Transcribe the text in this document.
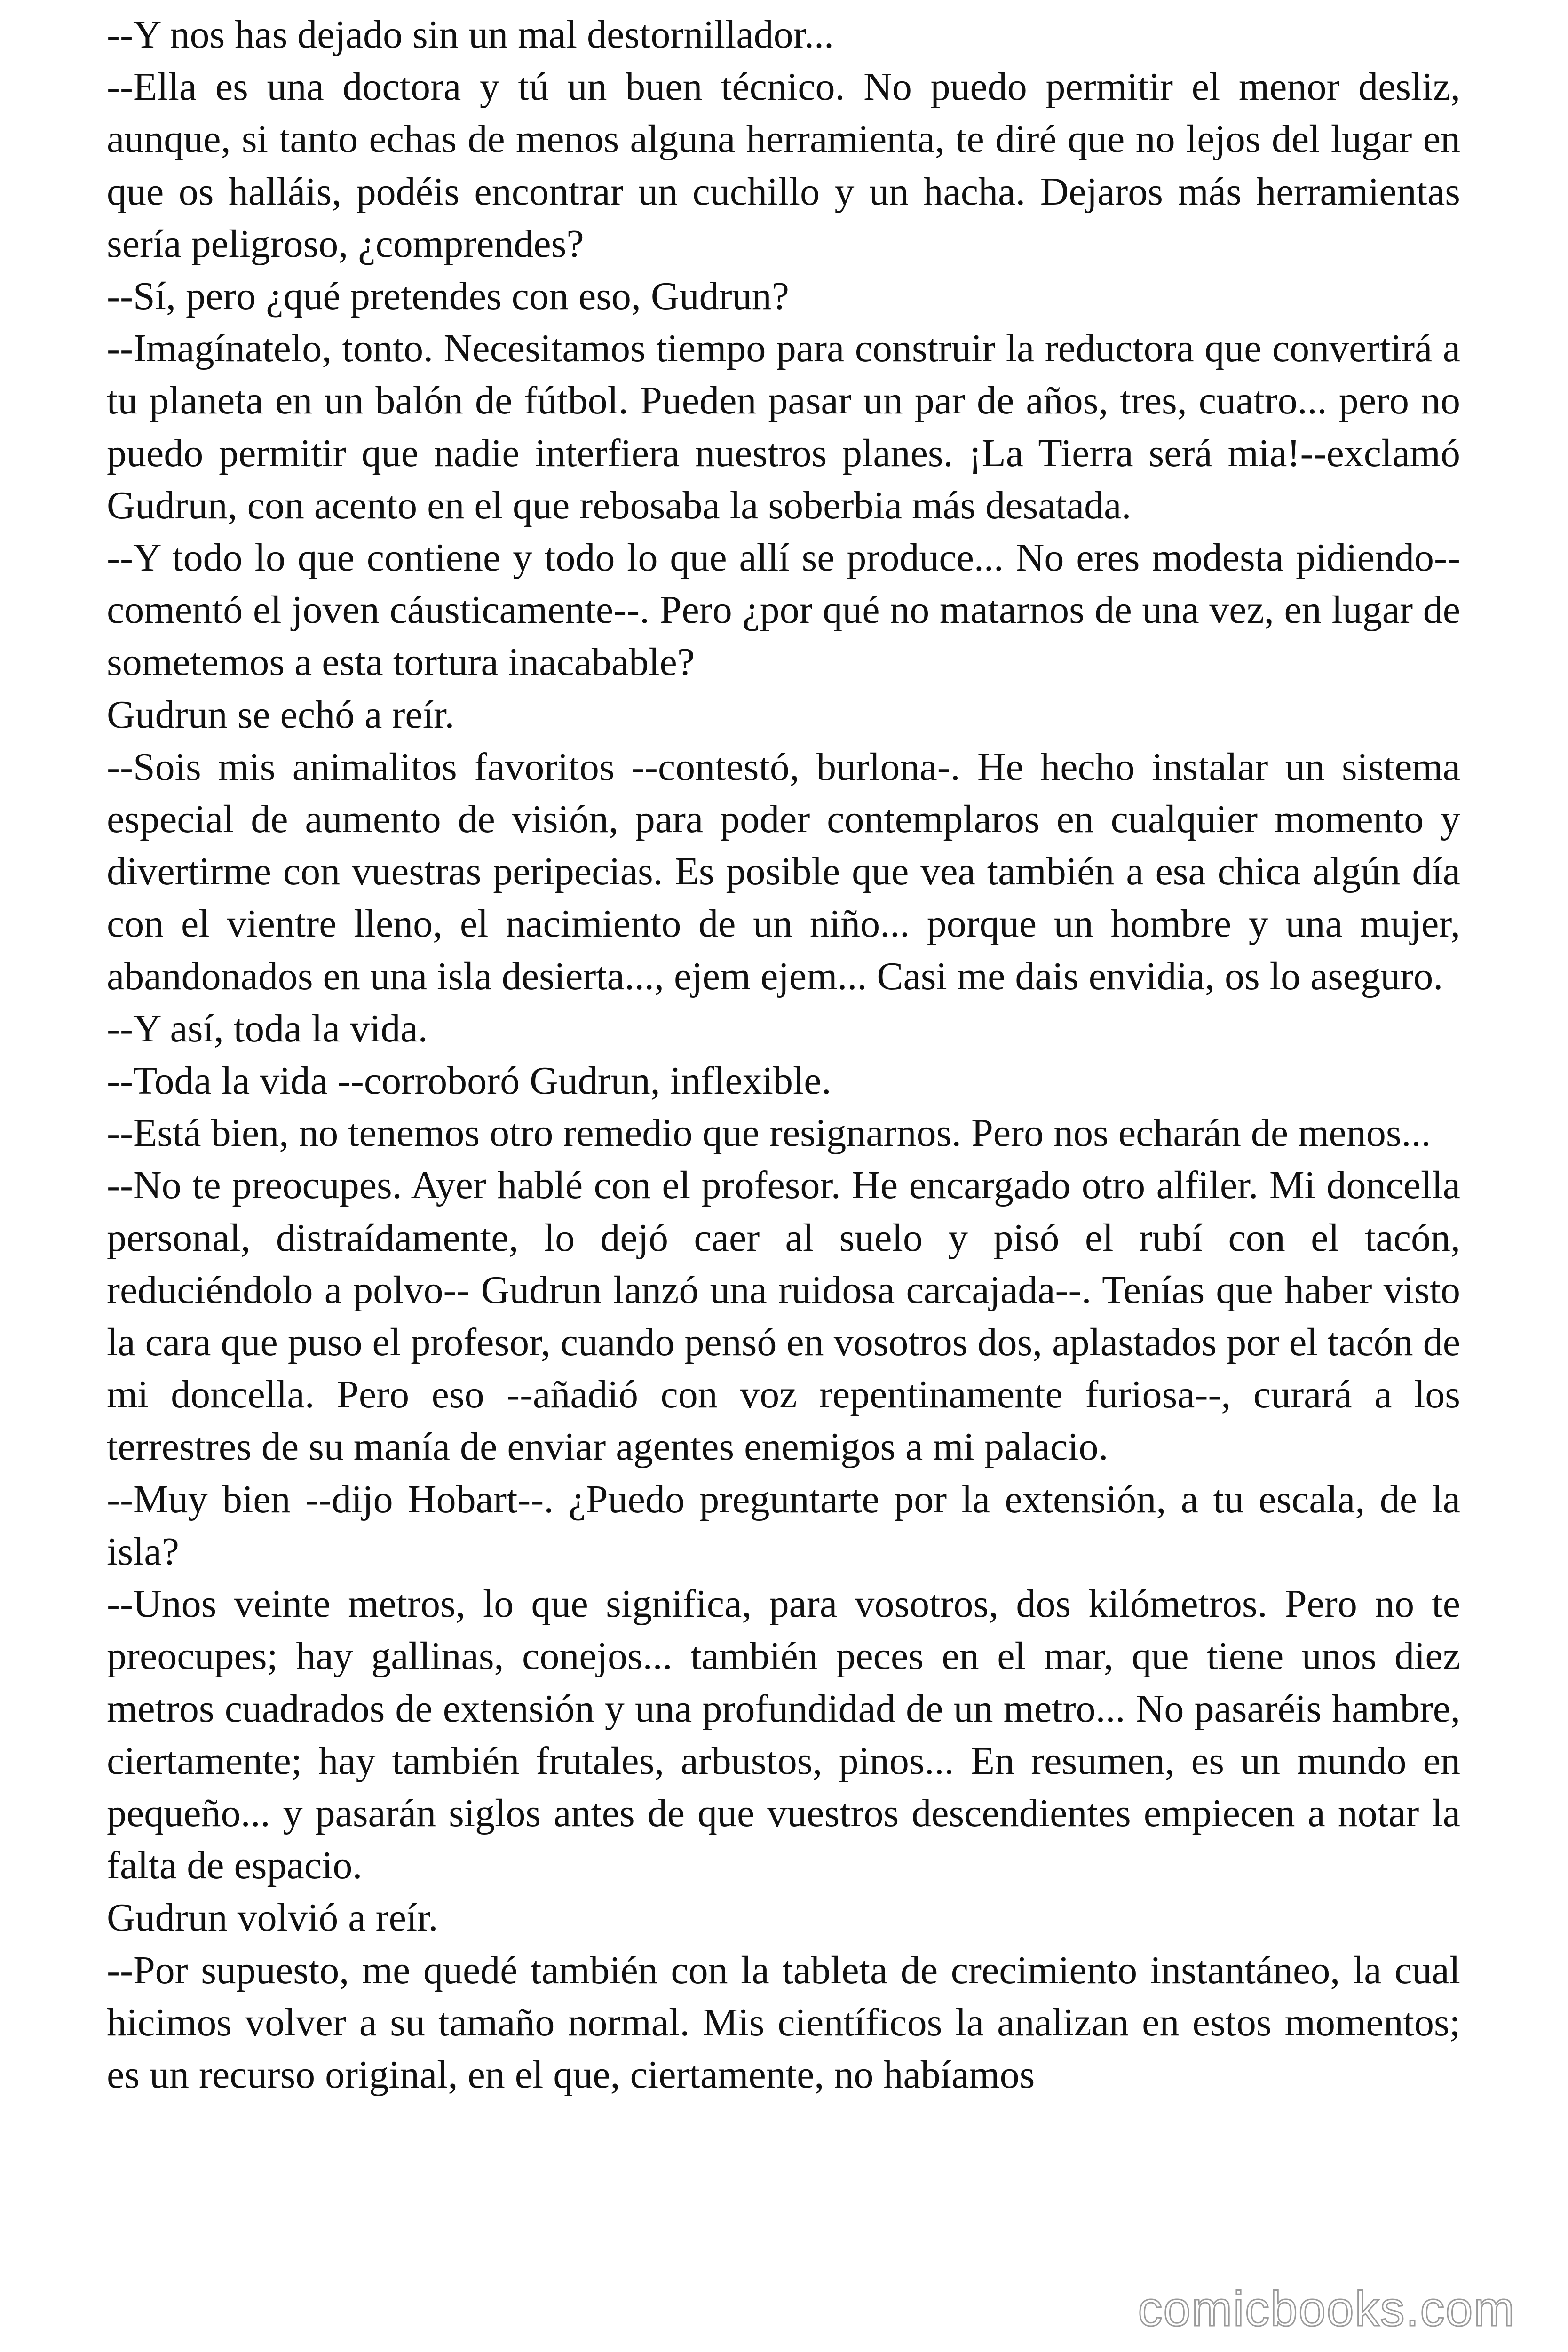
--Y nos has dejado sin un mal destornillador...

--Ella es una doctora y tú un buen técnico. No puedo permitir el menor desliz, aunque, si tanto echas de menos alguna herramienta, te diré que no lejos del lugar en que os halláis, podéis encontrar un cuchillo y un hacha. Dejaros más herramientas sería peligroso, ¿comprendes?

--Sí, pero ¿qué pretendes con eso, Gudrun?

--Imagínatelo, tonto. Necesitamos tiempo para construir la reductora que convertirá a tu planeta en un balón de fútbol. Pueden pasar un par de años, tres, cuatro... pero no puedo permitir que nadie interfiera nuestros planes. ¡La Tierra será mia!--exclamó Gudrun, con acento en el que rebosaba la soberbia más desatada.

--Y todo lo que contiene y todo lo que allí se produce... No eres modesta pidiendo--comentó el joven cáusticamente--. Pero ¿por qué no matarnos de una vez, en lugar de sometemos a esta tortura inacabable?

Gudrun se echó a reír.

--Sois mis animalitos favoritos --contestó, burlona-. He hecho instalar un sistema especial de aumento de visión, para poder contemplaros en cualquier momento y divertirme con vuestras peripecias. Es posible que vea también a esa chica algún día con el vientre lleno, el nacimiento de un niño... porque un hombre y una mujer, abandonados en una isla desierta..., ejem ejem... Casi me dais envidia, os lo aseguro.

--Y así, toda la vida.

--Toda la vida --corroboró Gudrun, inflexible.

--Está bien, no tenemos otro remedio que resignarnos. Pero nos echarán de menos...

--No te preocupes. Ayer hablé con el profesor. He encargado otro alfiler. Mi doncella personal, distraídamente, lo dejó caer al suelo y pisó el rubí con el tacón, reduciéndolo a polvo-- Gudrun lanzó una ruidosa carcajada--. Tenías que haber visto la cara que puso el profesor, cuando pensó en vosotros dos, aplastados por el tacón de mi doncella. Pero eso --añadió con voz repentinamente furiosa--, curará a los terrestres de su manía de enviar agentes enemigos a mi palacio.

--Muy bien --dijo Hobart--. ¿Puedo preguntarte por la extensión, a tu escala, de la isla?

--Unos veinte metros, lo que significa, para vosotros, dos kilómetros. Pero no te preocupes; hay gallinas, conejos... también peces en el mar, que tiene unos diez metros cuadrados de extensión y una profundidad de un metro... No pasaréis hambre, ciertamente; hay también frutales, arbustos, pinos... En resumen, es un mundo en pequeño... y pasarán siglos antes de que vuestros descendientes empiecen a notar la falta de espacio.

Gudrun volvió a reír.

--Por supuesto, me quedé también con la tableta de crecimiento instantáneo, la cual hicimos volver a su tamaño normal. Mis científicos la analizan en estos momentos; es un recurso original, en el que, ciertamente, no habíamos

comicbooks.com
